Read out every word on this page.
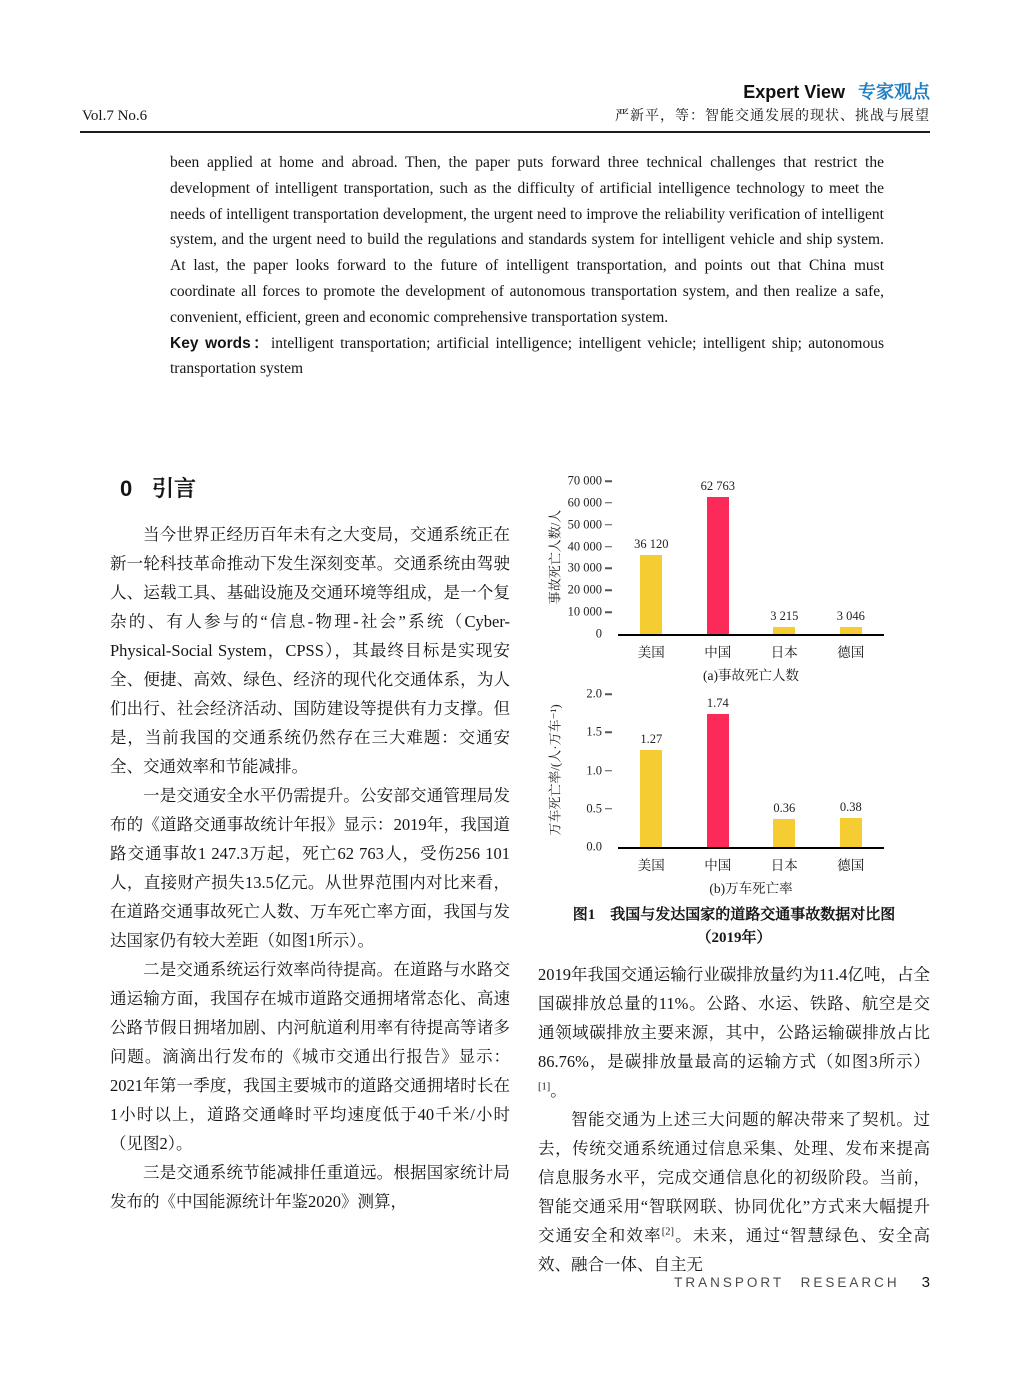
Expert View 专家观点
Vol.7 No.6	严新平，等：智能交通发展的现状、挑战与展望

been applied at home and abroad. Then, the paper puts forward three technical challenges that restrict the development of intelligent transportation, such as the difficulty of artificial intelligence technology to meet the needs of intelligent transportation development, the urgent need to improve the reliability verification of intelligent system, and the urgent need to build the regulations and standards system for intelligent vehicle and ship system. At last, the paper looks forward to the future of intelligent transportation, and points out that China must coordinate all forces to promote the development of autonomous transportation system, and then realize a safe, convenient, efficient, green and economic comprehensive transportation system.

Key words：intelligent transportation; artificial intelligence; intelligent vehicle; intelligent ship; autonomous transportation system

0 引言

当今世界正经历百年未有之大变局，交通系统正在新一轮科技革命推动下发生深刻变革。交通系统由驾驶人、运载工具、基础设施及交通环境等组成，是一个复杂的、有人参与的“信息-物理-社会”系统（Cyber-Physical-Social System，CPSS），其最终目标是实现安全、便捷、高效、绿色、经济的现代化交通体系，为人们出行、社会经济活动、国防建设等提供有力支撑。但是，当前我国的交通系统仍然存在三大难题：交通安全、交通效率和节能减排。

一是交通安全水平仍需提升。公安部交通管理局发布的《道路交通事故统计年报》显示：2019年，我国道路交通事故1 247.3万起，死亡62 763人，受伤256 101人，直接财产损失13.5亿元。从世界范围内对比来看，在道路交通事故死亡人数、万车死亡率方面，我国与发达国家仍有较大差距（如图1所示）。

二是交通系统运行效率尚待提高。在道路与水路交通运输方面，我国存在城市道路交通拥堵常态化、高速公路节假日拥堵加剧、内河航道利用率有待提高等诸多问题。滴滴出行发布的《城市交通出行报告》显示：2021年第一季度，我国主要城市的道路交通拥堵时长在1小时以上，道路交通峰时平均速度低于40千米/小时（见图2）。

三是交通系统节能减排任重道远。根据国家统计局发布的《中国能源统计年鉴2020》测算，

事故死亡人数/人
0
10 000
20 000
30 000
40 000
50 000
60 000
70 000
36 120
62 763
3 215	3 046
美国	中国	日本	德国
(a)事故死亡人数
万车死亡率/(人·万车⁻¹)
0.0
0.5
1.0
1.5
2.0
1.27
1.74
0.36	0.38
美国	中国	日本	德国
(b)万车死亡率
图1　我国与发达国家的道路交通事故数据对比图
（2019年）

2019年我国交通运输行业碳排放量约为11.4亿吨，占全国碳排放总量的11%。公路、水运、铁路、航空是交通领域碳排放主要来源，其中，公路运输碳排放占比86.76%，是碳排放量最高的运输方式（如图3所示）[1]。

智能交通为上述三大问题的解决带来了契机。过去，传统交通系统通过信息采集、处理、发布来提高信息服务水平，完成交通信息化的初级阶段。当前，智能交通采用“智联网联、协同优化”方式来大幅提升交通安全和效率[2]。未来，通过“智慧绿色、安全高效、融合一体、自主无

TRANSPORT RESEARCH 3
